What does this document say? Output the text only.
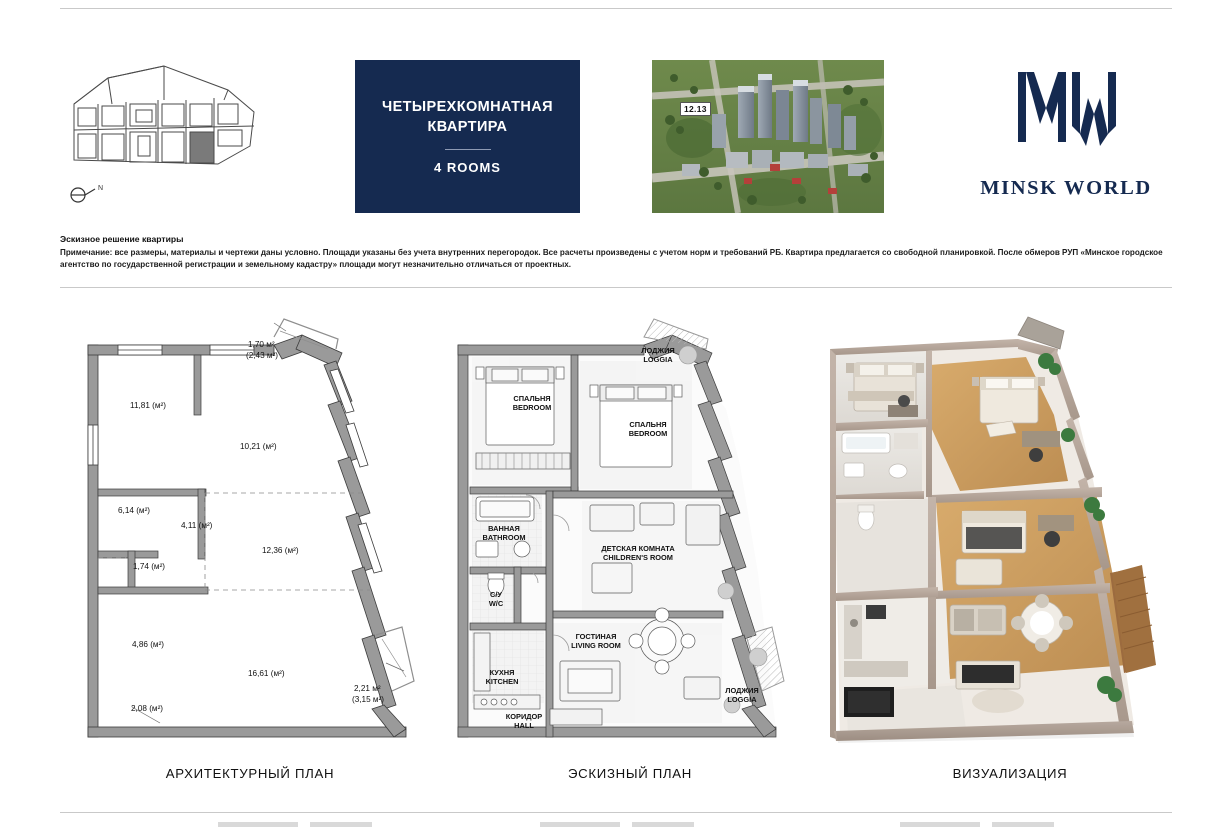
N
ЧЕТЫРЕХКОМНАТНАЯ
КВАРТИРА
4 ROOMS
12.13
MINSK WORLD
Эскизное решение квартиры
Примечание: все размеры, материалы и чертежи даны условно. Площади указаны без учета внутренних перегородок. Все расчеты произведены с учетом норм и требований РБ. Квартира предлагается со свободной планировкой. После обмеров РУП «Минское городское агентство по государственной регистрации и земельному кадастру» площади могут незначительно отличаться от проектных.
11,81 (м²)
10,21 (м²)
6,14 (м²)
4,11 (м²)
1,74 (м²)
12,36 (м²)
4,86 (м²)
16,61 (м²)
2,08 (м²)
1,70 м²
(2,43 м²)
2,21 м²
(3,15 м²)
ЛОДЖИЯ
LOGGIA
СПАЛЬНЯ
BEDROOM
СПАЛЬНЯ
BEDROOM
ВАННАЯ
BATHROOM
С/У
W/C
ДЕТСКАЯ КОМНАТА
CHILDREN'S ROOM
КУХНЯ
KITCHEN
ГОСТИНАЯ
LIVING ROOM
КОРИДОР
HALL
ЛОДЖИЯ
LOGGIA
АРХИТЕКТУРНЫЙ ПЛАН	ЭСКИЗНЫЙ ПЛАН	ВИЗУАЛИЗАЦИЯ
